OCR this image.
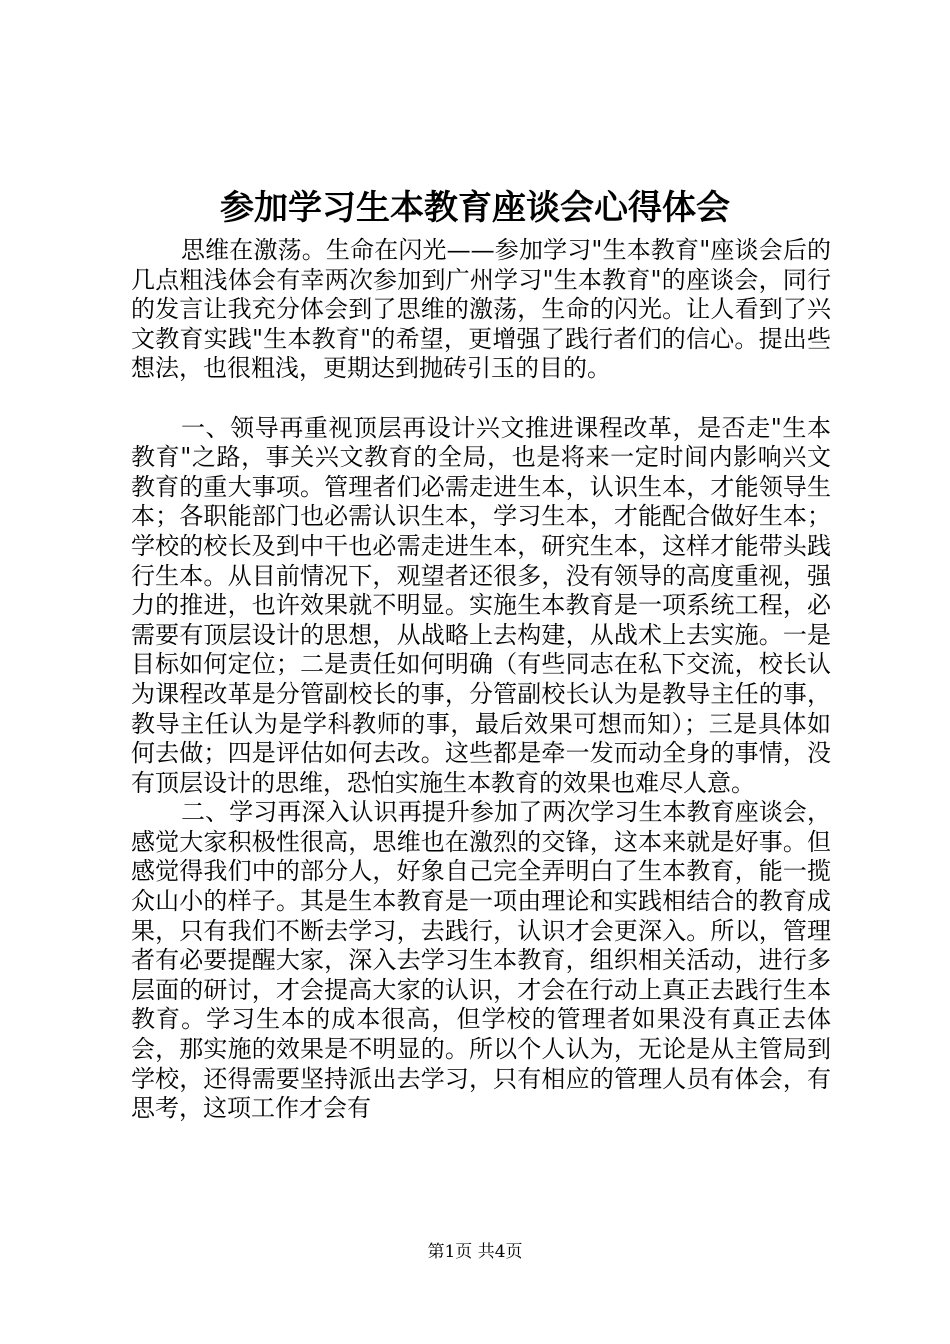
参加学习生本教育座谈会心得体会

思维在激荡。生命在闪光——参加学习"生本教育"座谈会后的几点粗浅体会有幸两次参加到广州学习"生本教育"的座谈会，同行的发言让我充分体会到了思维的激荡，生命的闪光。让人看到了兴文教育实践"生本教育"的希望，更增强了践行者们的信心。提出些想法，也很粗浅，更期达到抛砖引玉的目的。

一、领导再重视顶层再设计兴文推进课程改革，是否走"生本教育"之路，事关兴文教育的全局，也是将来一定时间内影响兴文教育的重大事项。管理者们必需走进生本，认识生本，才能领导生本；各职能部门也必需认识生本，学习生本，才能配合做好生本；学校的校长及到中干也必需走进生本，研究生本，这样才能带头践行生本。从目前情况下，观望者还很多，没有领导的高度重视，强力的推进，也许效果就不明显。实施生本教育是一项系统工程，必需要有顶层设计的思想，从战略上去构建，从战术上去实施。一是目标如何定位；二是责任如何明确（有些同志在私下交流，校长认为课程改革是分管副校长的事，分管副校长认为是教导主任的事，教导主任认为是学科教师的事，最后效果可想而知）；三是具体如何去做；四是评估如何去改。这些都是牵一发而动全身的事情，没有顶层设计的思维，恐怕实施生本教育的效果也难尽人意。

二、学习再深入认识再提升参加了两次学习生本教育座谈会，感觉大家积极性很高，思维也在激烈的交锋，这本来就是好事。但感觉得我们中的部分人，好象自己完全弄明白了生本教育，能一揽众山小的样子。其是生本教育是一项由理论和实践相结合的教育成果，只有我们不断去学习，去践行，认识才会更深入。所以，管理者有必要提醒大家，深入去学习生本教育，组织相关活动，进行多层面的研讨，才会提高大家的认识，才会在行动上真正去践行生本教育。学习生本的成本很高，但学校的管理者如果没有真正去体会，那实施的效果是不明显的。所以个人认为，无论是从主管局到学校，还得需要坚持派出去学习，只有相应的管理人员有体会，有思考，这项工作才会有

第1页 共4页
